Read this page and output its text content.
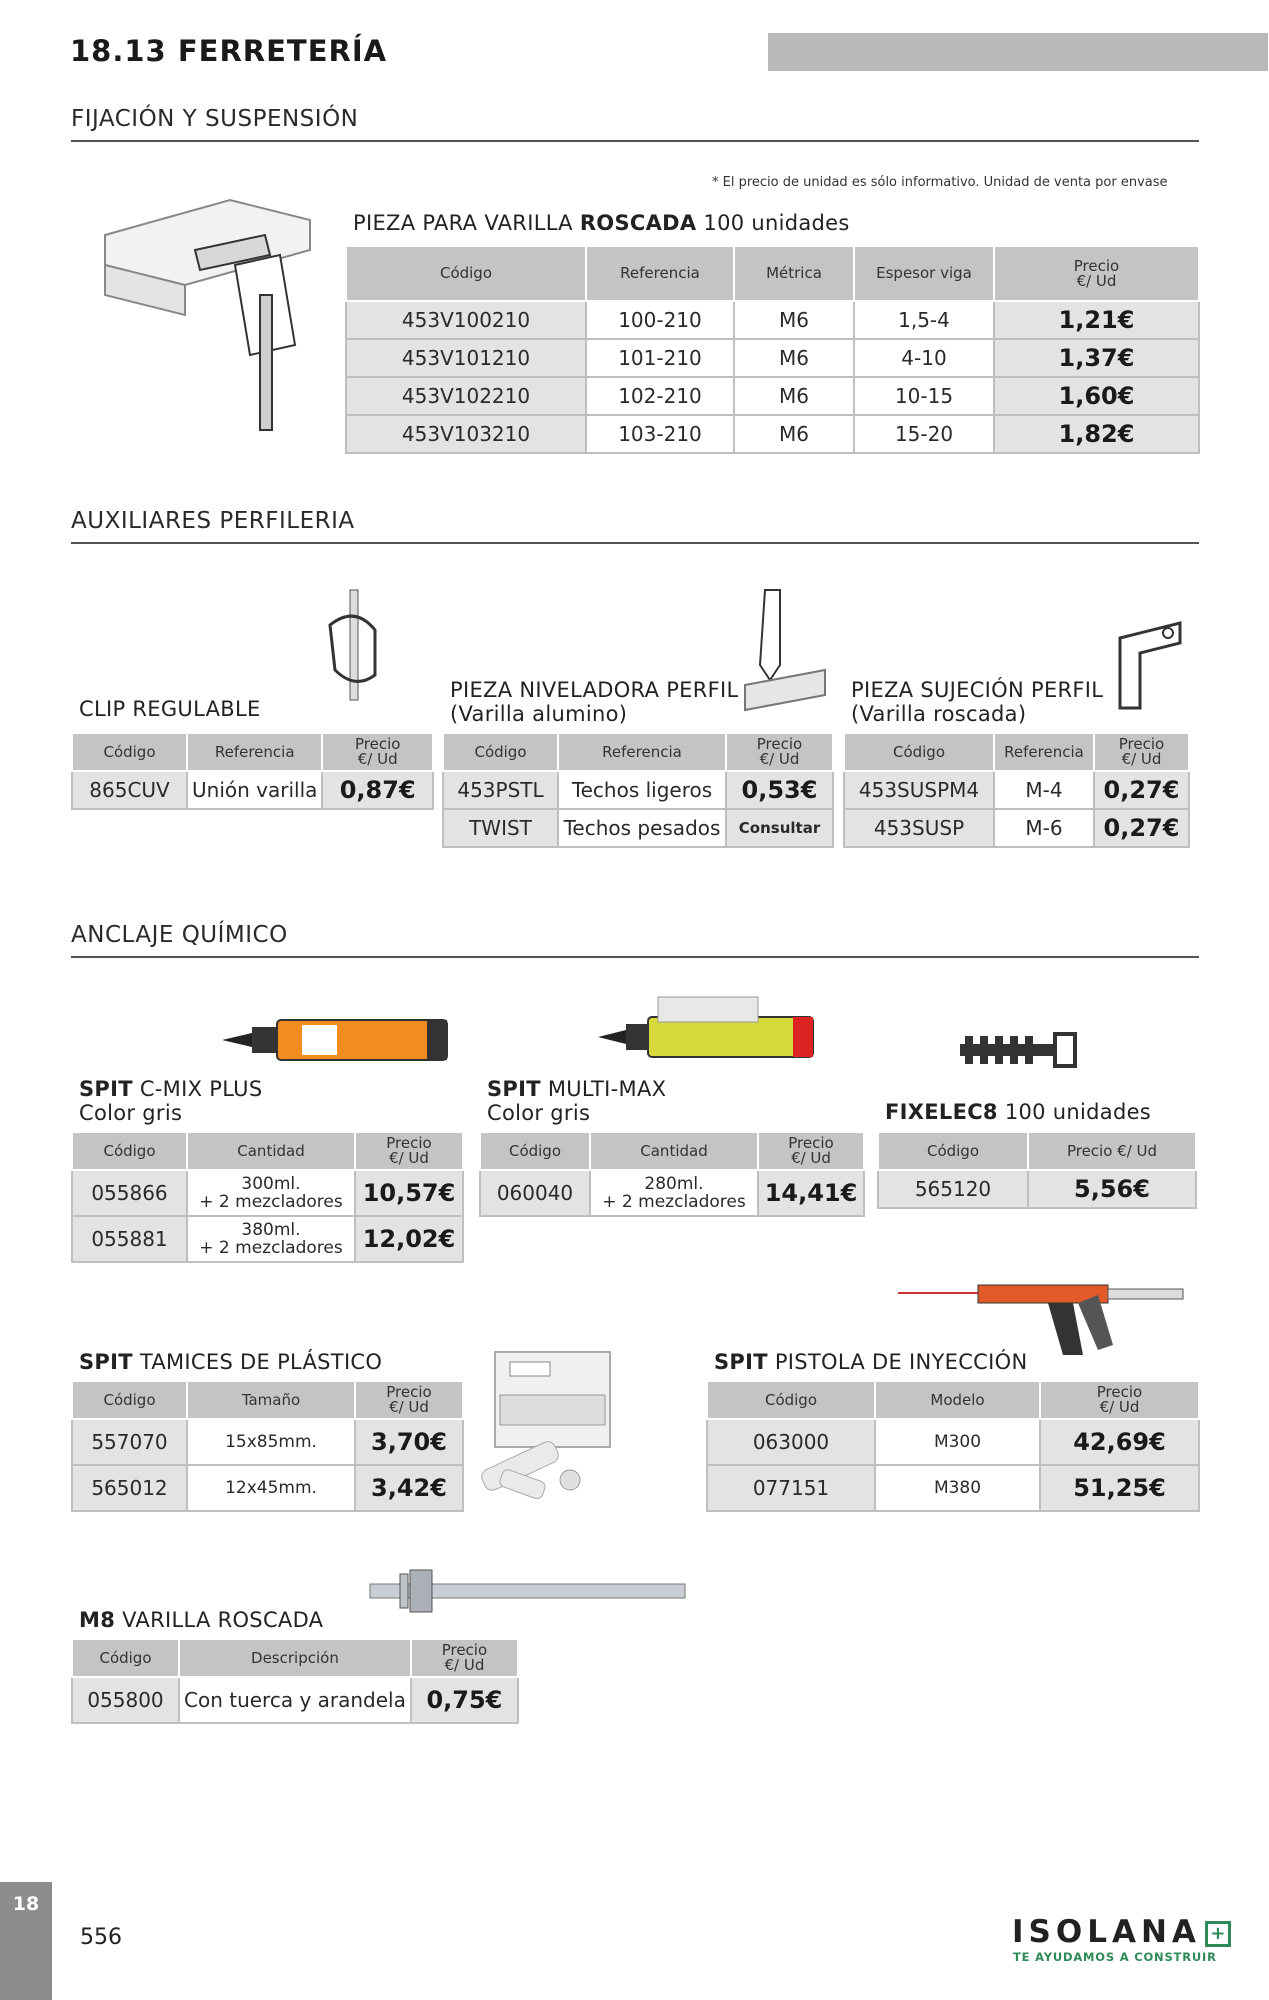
18.13 FERRETERÍA
FIJACIÓN Y SUSPENSIÓN
* El precio de unidad es sólo informativo. Unidad de venta por envase
PIEZA PARA VARILLA ROSCADA 100 unidades
Código	Referencia	Métrica	Espesor viga	Precio
€/ Ud
453V100210	100-210	M6	1,5-4	1,21€
453V101210	101-210	M6	4-10	1,37€
453V102210	102-210	M6	10-15	1,60€
453V103210	103-210	M6	15-20	1,82€
AUXILIARES PERFILERIA
CLIP REGULABLE
Código	Referencia	Precio
€/ Ud
865CUV	Unión varilla	0,87€
PIEZA NIVELADORA PERFIL
(Varilla alumino)
Código	Referencia	Precio
€/ Ud
453PSTL	Techos ligeros	0,53€
TWIST	Techos pesados	Consultar
PIEZA SUJECIÓN PERFIL
(Varilla roscada)
Código	Referencia	Precio
€/ Ud
453SUSPM4	M-4	0,27€
453SUSP	M-6	0,27€
ANCLAJE QUÍMICO
SPIT C-MIX PLUS
Color gris
Código	Cantidad	Precio
€/ Ud
055866	300ml.
+ 2 mezcladores	10,57€
055881	380ml.
+ 2 mezcladores	12,02€
SPIT MULTI-MAX
Color gris
Código	Cantidad	Precio
€/ Ud
060040	280ml.
+ 2 mezcladores	14,41€
FIXELEC8 100 unidades
Código	Precio €/ Ud
565120	5,56€
SPIT TAMICES DE PLÁSTICO
Código	Tamaño	Precio
€/ Ud
557070	15x85mm.	3,70€
565012	12x45mm.	3,42€
SPIT PISTOLA DE INYECCIÓN
Código	Modelo	Precio
€/ Ud
063000	M300	42,69€
077151	M380	51,25€
M8 VARILLA ROSCADA
Código	Descripción	Precio
€/ Ud
055800	Con tuerca y arandela	0,75€
18
556	ISOLANA +
TE AYUDAMOS A CONSTRUIR
